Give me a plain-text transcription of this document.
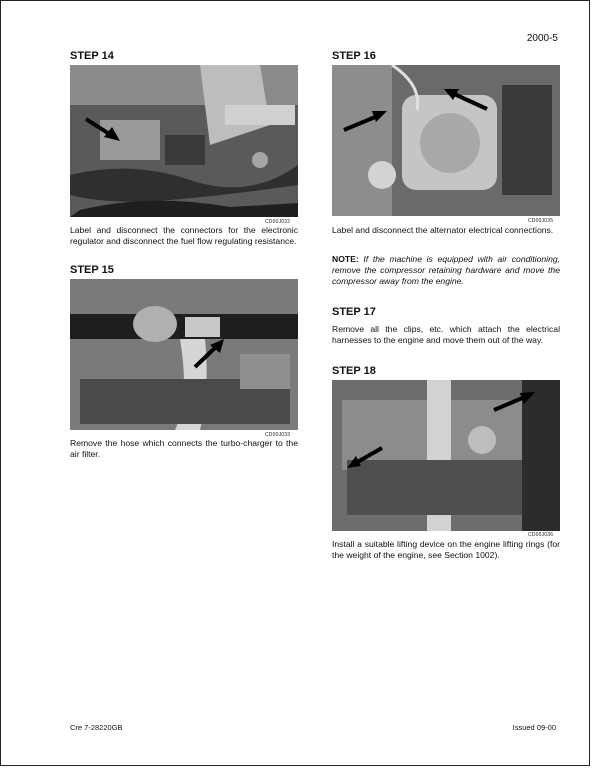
2000-5
STEP 14
CD00J032

Label and disconnect the connectors for the electronic regulator and disconnect the fuel flow regulating resistance.

STEP 15
CD00J033

Remove the hose which connects the turbo-charger to the air filter.

STEP 16
CD00J035

Label and disconnect the alternator electrical connections.

NOTE: If the machine is equipped with air conditioning, remove the compressor retaining hardware and move the compressor away from the engine.

STEP 17

Remove all the clips, etc. which attach the electrical harnesses to the engine and move them out of the way.

STEP 18
CD00J036

Install a suitable lifting device on the engine lifting rings (for the weight of the engine, see Section 1002).

Cre 7-28220GB	Issued 09-00
